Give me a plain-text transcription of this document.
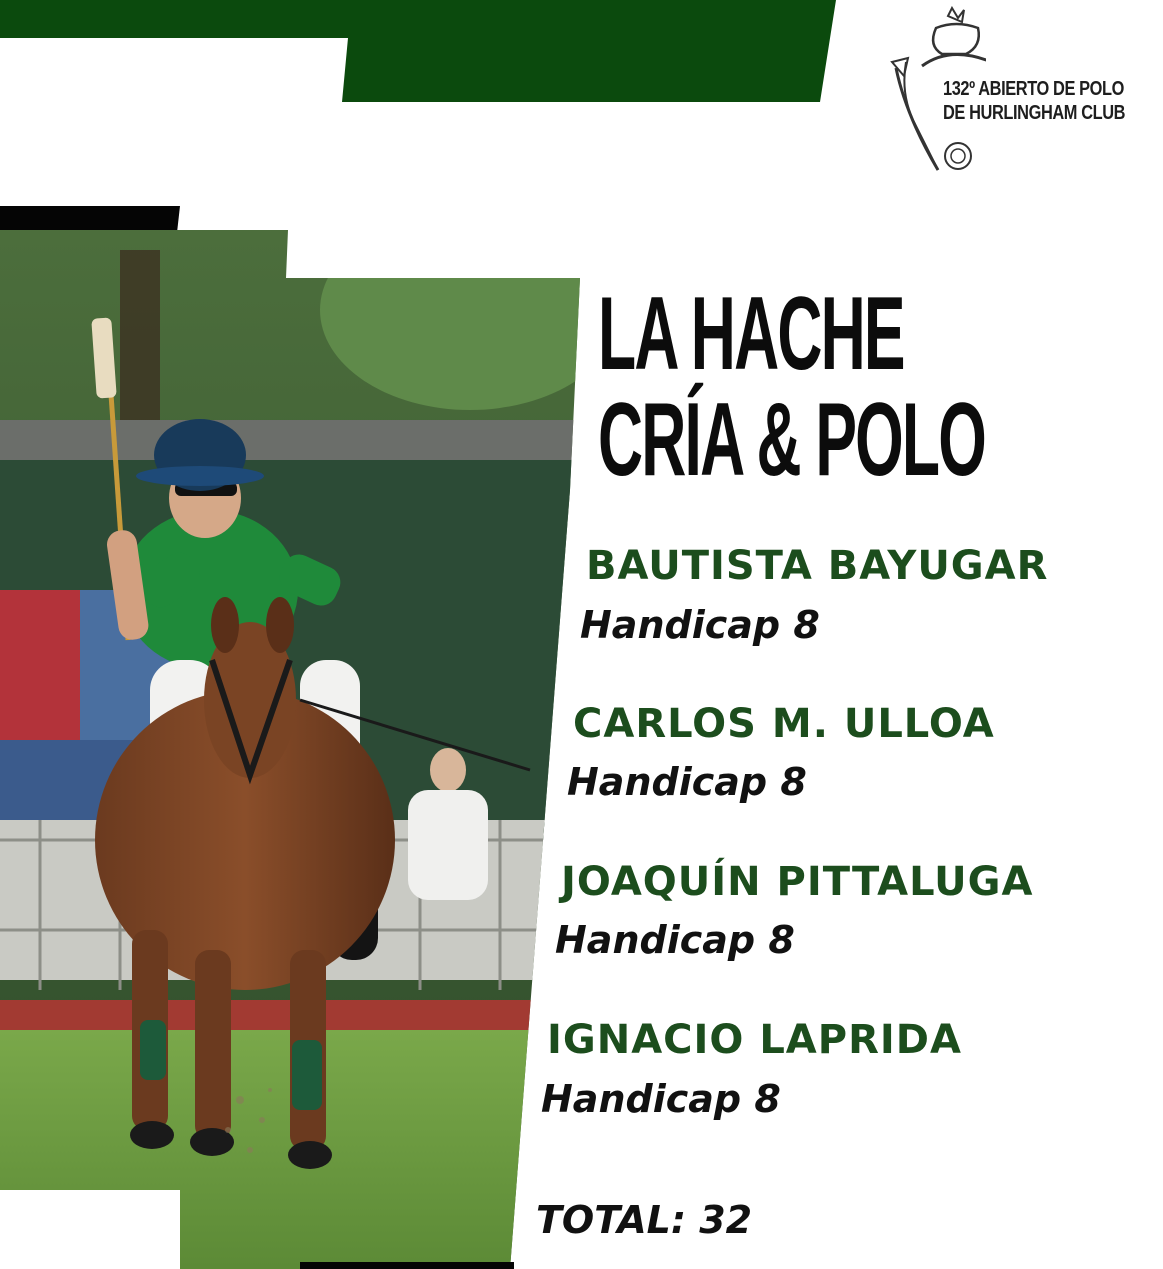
132º ABIERTO DE POLO
DE HURLINGHAM CLUB
LA HACHE
CRÍA & POLO

BAUTISTA BAYUGAR

Handicap 8

CARLOS M. ULLOA

Handicap 8

JOAQUÍN PITTALUGA

Handicap 8

IGNACIO LAPRIDA

Handicap 8

TOTAL: 32
